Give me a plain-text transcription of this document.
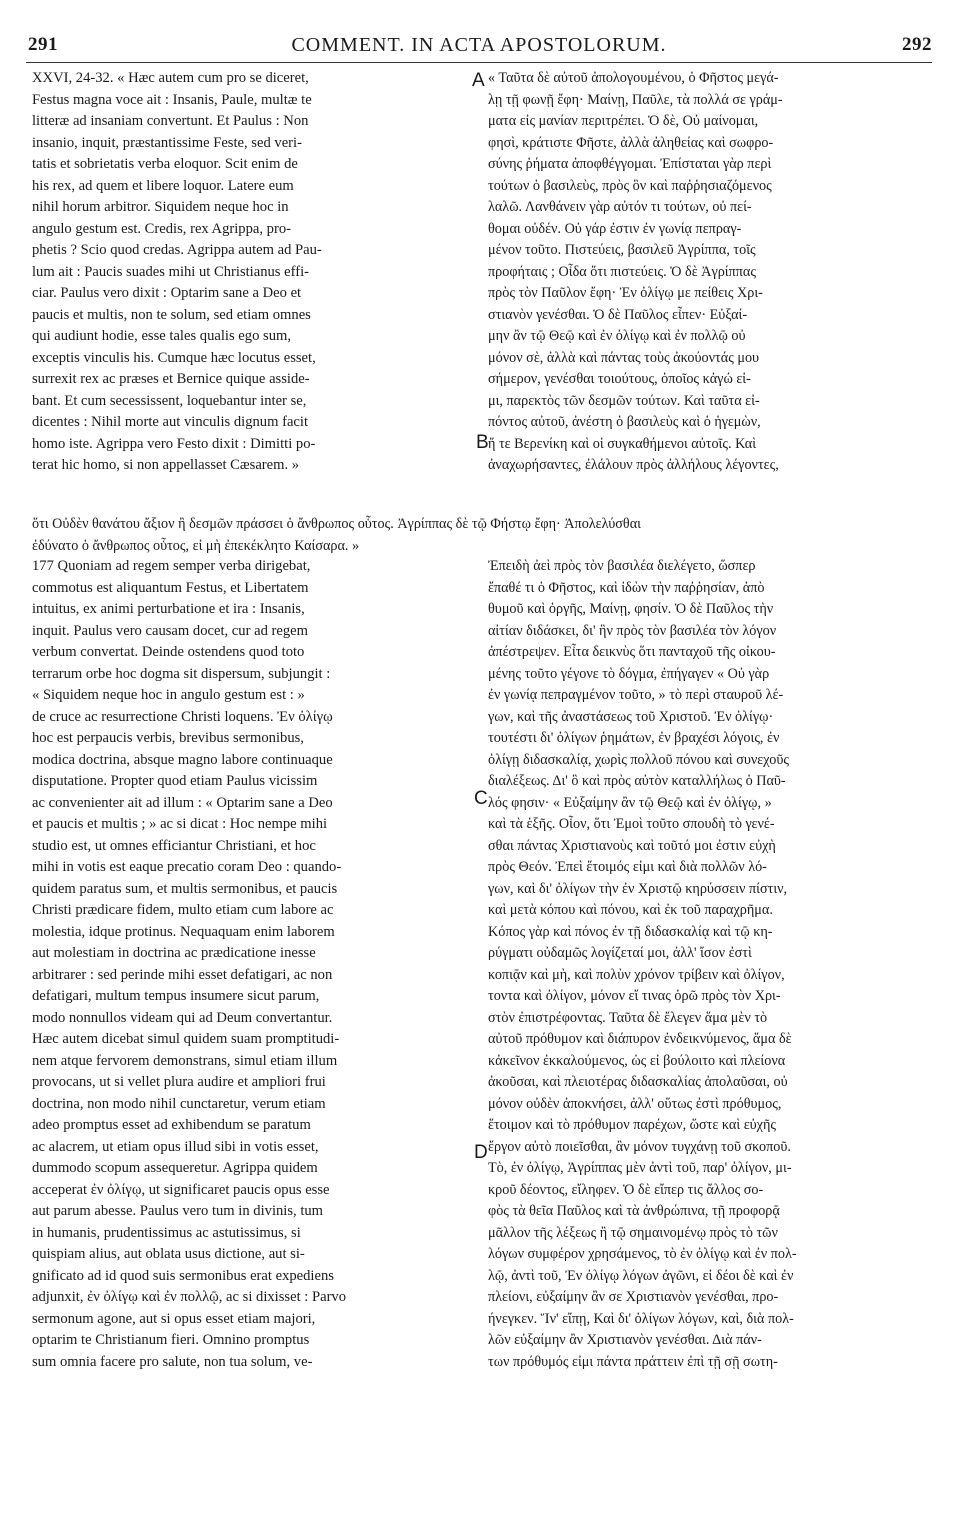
291	COMMENT. IN ACTA APOSTOLORUM.	292
A
B
C
D
XXVI, 24-32. « Hæc autem cum pro se diceret,
Festus magna voce ait : Insanis, Paule, multæ te
litteræ ad insaniam convertunt. Et Paulus : Non
insanio, inquit, præstantissime Feste, sed veri-
tatis et sobrietatis verba eloquor. Scit enim de
his rex, ad quem et libere loquor. Latere eum
nihil horum arbitror. Siquidem neque hoc in
angulo gestum est. Credis, rex Agrippa, pro-
phetis ? Scio quod credas. Agrippa autem ad Pau-
lum ait : Paucis suades mihi ut Christianus effi-
ciar. Paulus vero dixit : Optarim sane a Deo et
paucis et multis, non te solum, sed etiam omnes
qui audiunt hodie, esse tales qualis ego sum,
exceptis vinculis his. Cumque hæc locutus esset,
surrexit rex ac præses et Bernice quique asside-
bant. Et cum secessissent, loquebantur inter se,
dicentes : Nihil morte aut vinculis dignum facit
homo iste. Agrippa vero Festo dixit : Dimitti po-
terat hic homo, si non appellasset Cæsarem. »
« Ταῦτα δὲ αὐτοῦ ἀπολογουμένου, ὁ Φῆστος μεγά-
λῃ τῇ φωνῇ ἔφη· Μαίνῃ, Παῦλε, τὰ πολλά σε γράμ-
ματα εἰς μανίαν περιτρέπει. Ὁ δὲ, Οὐ μαίνομαι,
φησὶ, κράτιστε Φῆστε, ἀλλὰ ἀληθείας καὶ σωφρο-
σύνης ῥήματα ἀποφθέγγομαι. Ἐπίσταται γὰρ περὶ
τούτων ὁ βασιλεὺς, πρὸς ὃν καὶ παῤῥησιαζόμενος
λαλῶ. Λανθάνειν γὰρ αὐτόν τι τούτων, οὐ πεί-
θομαι οὐδέν. Οὐ γάρ ἐστιν ἐν γωνίᾳ πεπραγ-
μένον τοῦτο. Πιστεύεις, βασιλεῦ Ἀγρίππα, τοῖς
προφήταις ; Οἶδα ὅτι πιστεύεις. Ὁ δὲ Ἀγρίππας
πρὸς τὸν Παῦλον ἔφη· Ἐν ὀλίγῳ με πείθεις Χρι-
στιανὸν γενέσθαι. Ὁ δὲ Παῦλος εἶπεν· Εὐξαί-
μην ἂν τῷ Θεῷ καὶ ἐν ὀλίγῳ καὶ ἐν πολλῷ οὐ
μόνον σὲ, ἀλλὰ καὶ πάντας τοὺς ἀκούοντάς μου
σήμερον, γενέσθαι τοιούτους, ὁποῖος κἀγώ εἰ-
μι, παρεκτὸς τῶν δεσμῶν τούτων. Καὶ ταῦτα εἰ-
πόντος αὐτοῦ, ἀνέστη ὁ βασιλεὺς καὶ ὁ ἡγεμὼν,
ἥ τε Βερενίκη καὶ οἱ συγκαθήμενοι αὐτοῖς. Καὶ
ἀναχωρήσαντες, ἐλάλουν πρὸς ἀλλήλους λέγοντες,
ὅτι Οὐδὲν θανάτου ἄξιον ἢ δεσμῶν πράσσει ὁ ἄνθρωπος οὗτος. Ἀγρίππας δὲ τῷ Φήστῳ ἔφη· Ἀπολελύσθαι
ἐδύνατο ὁ ἄνθρωπος οὗτος, εἰ μὴ ἐπεκέκλητο Καίσαρα. »
177 Quoniam ad regem semper verba dirigebat,
commotus est aliquantum Festus, et Libertatem
intuitus, ex animi perturbatione et ira : Insanis,
inquit. Paulus vero causam docet, cur ad regem
verbum convertat. Deinde ostendens quod toto
terrarum orbe hoc dogma sit dispersum, subjungit :
« Siquidem neque hoc in angulo gestum est : »
de cruce ac resurrectione Christi loquens. Ἐν ὀλίγῳ
hoc est perpaucis verbis, brevibus sermonibus,
modica doctrina, absque magno labore continuaque
disputatione. Propter quod etiam Paulus vicissim
ac convenienter ait ad illum : « Optarim sane a Deo
et paucis et multis ; » ac si dicat : Hoc nempe mihi
studio est, ut omnes efficiantur Christiani, et hoc
mihi in votis est eaque precatio coram Deo : quando-
quidem paratus sum, et multis sermonibus, et paucis
Christi prædicare fidem, multo etiam cum labore ac
molestia, idque protinus. Nequaquam enim laborem
aut molestiam in doctrina ac prædicatione inesse
arbitrarer : sed perinde mihi esset defatigari, ac non
defatigari, multum tempus insumere sicut parum,
modo nonnullos videam qui ad Deum convertantur.
Hæc autem dicebat simul quidem suam promptitudi-
nem atque fervorem demonstrans, simul etiam illum
provocans, ut si vellet plura audire et ampliori frui
doctrina, non modo nihil cunctaretur, verum etiam
adeo promptus esset ad exhibendum se paratum
ac alacrem, ut etiam opus illud sibi in votis esset,
dummodo scopum assequeretur. Agrippa quidem
acceperat ἐν ὀλίγῳ, ut significaret paucis opus esse
aut parum abesse. Paulus vero tum in divinis, tum
in humanis, prudentissimus ac astutissimus, si
quispiam alius, aut oblata usus dictione, aut si-
gnificato ad id quod suis sermonibus erat expediens
adjunxit, ἐν ὀλίγῳ καὶ ἐν πολλῷ, ac si dixisset : Parvo
sermonum agone, aut si opus esset etiam majori,
optarim te Christianum fieri. Omnino promptus
sum omnia facere pro salute, non tua solum, ve-
Ἐπειδὴ ἀεὶ πρὸς τὸν βασιλέα διελέγετο, ὥσπερ
ἔπαθέ τι ὁ Φῆστος, καὶ ἰδὼν τὴν παῤῥησίαν, ἀπὸ
θυμοῦ καὶ ὀργῆς, Μαίνῃ, φησίν. Ὁ δὲ Παῦλος τὴν
αἰτίαν διδάσκει, δι' ἣν πρὸς τὸν βασιλέα τὸν λόγον
ἀπέστρεψεν. Εἶτα δεικνὺς ὅτι πανταχοῦ τῆς οἰκου-
μένης τοῦτο γέγονε τὸ δόγμα, ἐπήγαγεν « Οὐ γὰρ
ἐν γωνίᾳ πεπραγμένον τοῦτο, » τὸ περὶ σταυροῦ λέ-
γων, καὶ τῆς ἀναστάσεως τοῦ Χριστοῦ. Ἐν ὀλίγῳ·
τουτέστι δι' ὀλίγων ῥημάτων, ἐν βραχέσι λόγοις, ἐν
ὀλίγῃ διδασκαλίᾳ, χωρὶς πολλοῦ πόνου καὶ συνεχοῦς
διαλέξεως. Δι' ὃ καὶ πρὸς αὐτὸν καταλλήλως ὁ Παῦ-
λός φησιν· « Εὐξαίμην ἂν τῷ Θεῷ καὶ ἐν ὀλίγῳ, »
καὶ τὰ ἑξῆς. Οἷον, ὅτι Ἐμοὶ τοῦτο σπουδὴ τὸ γενέ-
σθαι πάντας Χριστιανοὺς καὶ τοῦτό μοι ἐστιν εὐχὴ
πρὸς Θεόν. Ἐπεὶ ἕτοιμός εἰμι καὶ διὰ πολλῶν λό-
γων, καὶ δι' ὀλίγων τὴν ἐν Χριστῷ κηρύσσειν πίστιν,
καὶ μετὰ κόπου καὶ πόνου, καὶ ἐκ τοῦ παραχρῆμα.
Κόπος γὰρ καὶ πόνος ἐν τῇ διδασκαλίᾳ καὶ τῷ κη-
ρύγματι οὐδαμῶς λογίζεταί μοι, ἀλλ' ἴσον ἐστὶ
κοπιᾷν καὶ μὴ, καὶ πολὺν χρόνον τρίβειν καὶ ὀλίγον,
τοντα καὶ ὀλίγον, μόνον εἴ τινας ὁρῶ πρὸς τὸν Χρι-
στὸν ἐπιστρέφοντας. Ταῦτα δὲ ἔλεγεν ἅμα μὲν τὸ
αὐτοῦ πρόθυμον καὶ διάπυρον ἐνδεικνύμενος, ἅμα δὲ
κἀκεῖνον ἐκκαλούμενος, ὡς εἰ βούλοιτο καὶ πλείονα
ἀκοῦσαι, καὶ πλειοτέρας διδασκαλίας ἀπολαῦσαι, οὐ
μόνον οὐδὲν ἀποκνήσει, ἀλλ' οὕτως ἐστὶ πρόθυμος,
ἕτοιμον καὶ τὸ πρόθυμον παρέχων, ὥστε καὶ εὐχῆς
ἔργον αὐτὸ ποιεῖσθαι, ἂν μόνον τυγχάνῃ τοῦ σκοποῦ.
Τὸ, ἐν ὀλίγῳ, Ἀγρίππας μὲν ἀντὶ τοῦ, παρ' ὀλίγον, μι-
κροῦ δέοντος, εἴληφεν. Ὁ δὲ εἴπερ τις ἄλλος σο-
φὸς τὰ θεῖα Παῦλος καὶ τὰ ἀνθρώπινα, τῇ προφορᾷ
μᾶλλον τῆς λέξεως ἢ τῷ σημαινομένῳ πρὸς τὸ τῶν
λόγων συμφέρον χρησάμενος, τὸ ἐν ὀλίγῳ καὶ ἐν πολ-
λῷ, ἀντὶ τοῦ, Ἐν ὀλίγῳ λόγων ἀγῶνι, εἰ δέοι δὲ καὶ ἐν
πλείονι, εὐξαίμην ἂν σε Χριστιανὸν γενέσθαι, προ-
ήνεγκεν. Ἵν' εἴπῃ, Καὶ δι' ὀλίγων λόγων, καὶ, διὰ πολ-
λῶν εὐξαίμην ἂν Χριστιανὸν γενέσθαι. Διὰ πάν-
των πρόθυμός εἰμι πάντα πράττειν ἐπὶ τῇ σῇ σωτη-
